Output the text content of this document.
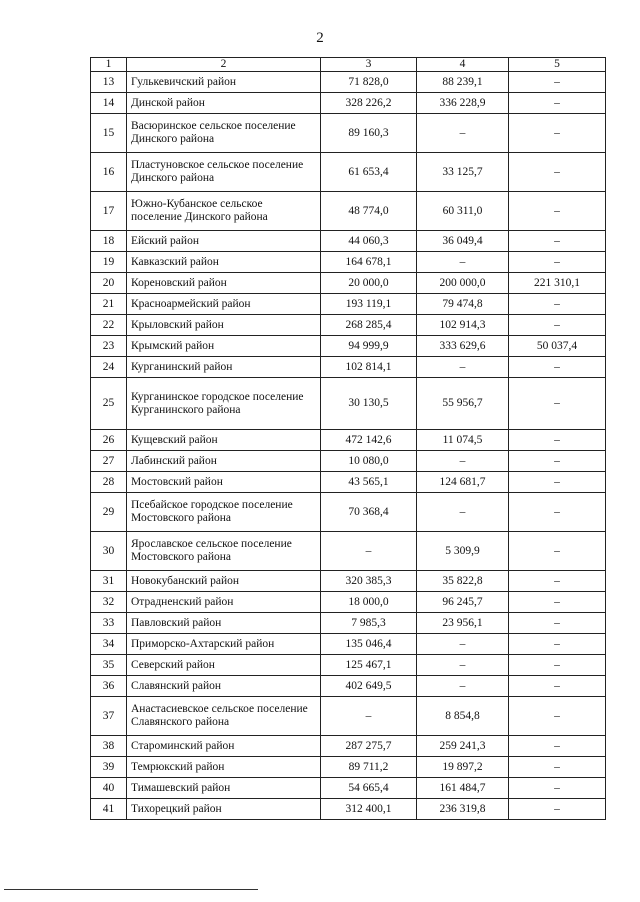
2
1	2	3	4	5
13	Гулькевичский район	71 828,0	88 239,1	–
14	Динской район	328 226,2	336 228,9	–
15	Васюринское сельское поселение Динского района	89 160,3	–	–
16	Пластуновское сельское поселение Динского района	61 653,4	33 125,7	–
17	Южно-Кубанское сельское поселение Динского района	48 774,0	60 311,0	–
18	Ейский район	44 060,3	36 049,4	–
19	Кавказский район	164 678,1	–	–
20	Кореновский район	20 000,0	200 000,0	221 310,1
21	Красноармейский район	193 119,1	79 474,8	–
22	Крыловский район	268 285,4	102 914,3	–
23	Крымский район	94 999,9	333 629,6	50 037,4
24	Курганинский район	102 814,1	–	–
25	Курганинское городское поселение Курганинского района	30 130,5	55 956,7	–
26	Кущевский район	472 142,6	11 074,5	–
27	Лабинский район	10 080,0	–	–
28	Мостовский район	43 565,1	124 681,7	–
29	Псебайское городское поселение Мостовского района	70 368,4	–	–
30	Ярославское сельское поселение Мостовского района	–	5 309,9	–
31	Новокубанский район	320 385,3	35 822,8	–
32	Отрадненский район	18 000,0	96 245,7	–
33	Павловский район	7 985,3	23 956,1	–
34	Приморско-Ахтарский район	135 046,4	–	–
35	Северский район	125 467,1	–	–
36	Славянский район	402 649,5	–	–
37	Анастасиевское сельское поселение Славянского района	–	8 854,8	–
38	Староминский район	287 275,7	259 241,3	–
39	Темрюкский район	89 711,2	19 897,2	–
40	Тимашевский район	54 665,4	161 484,7	–
41	Тихорецкий район	312 400,1	236 319,8	–
